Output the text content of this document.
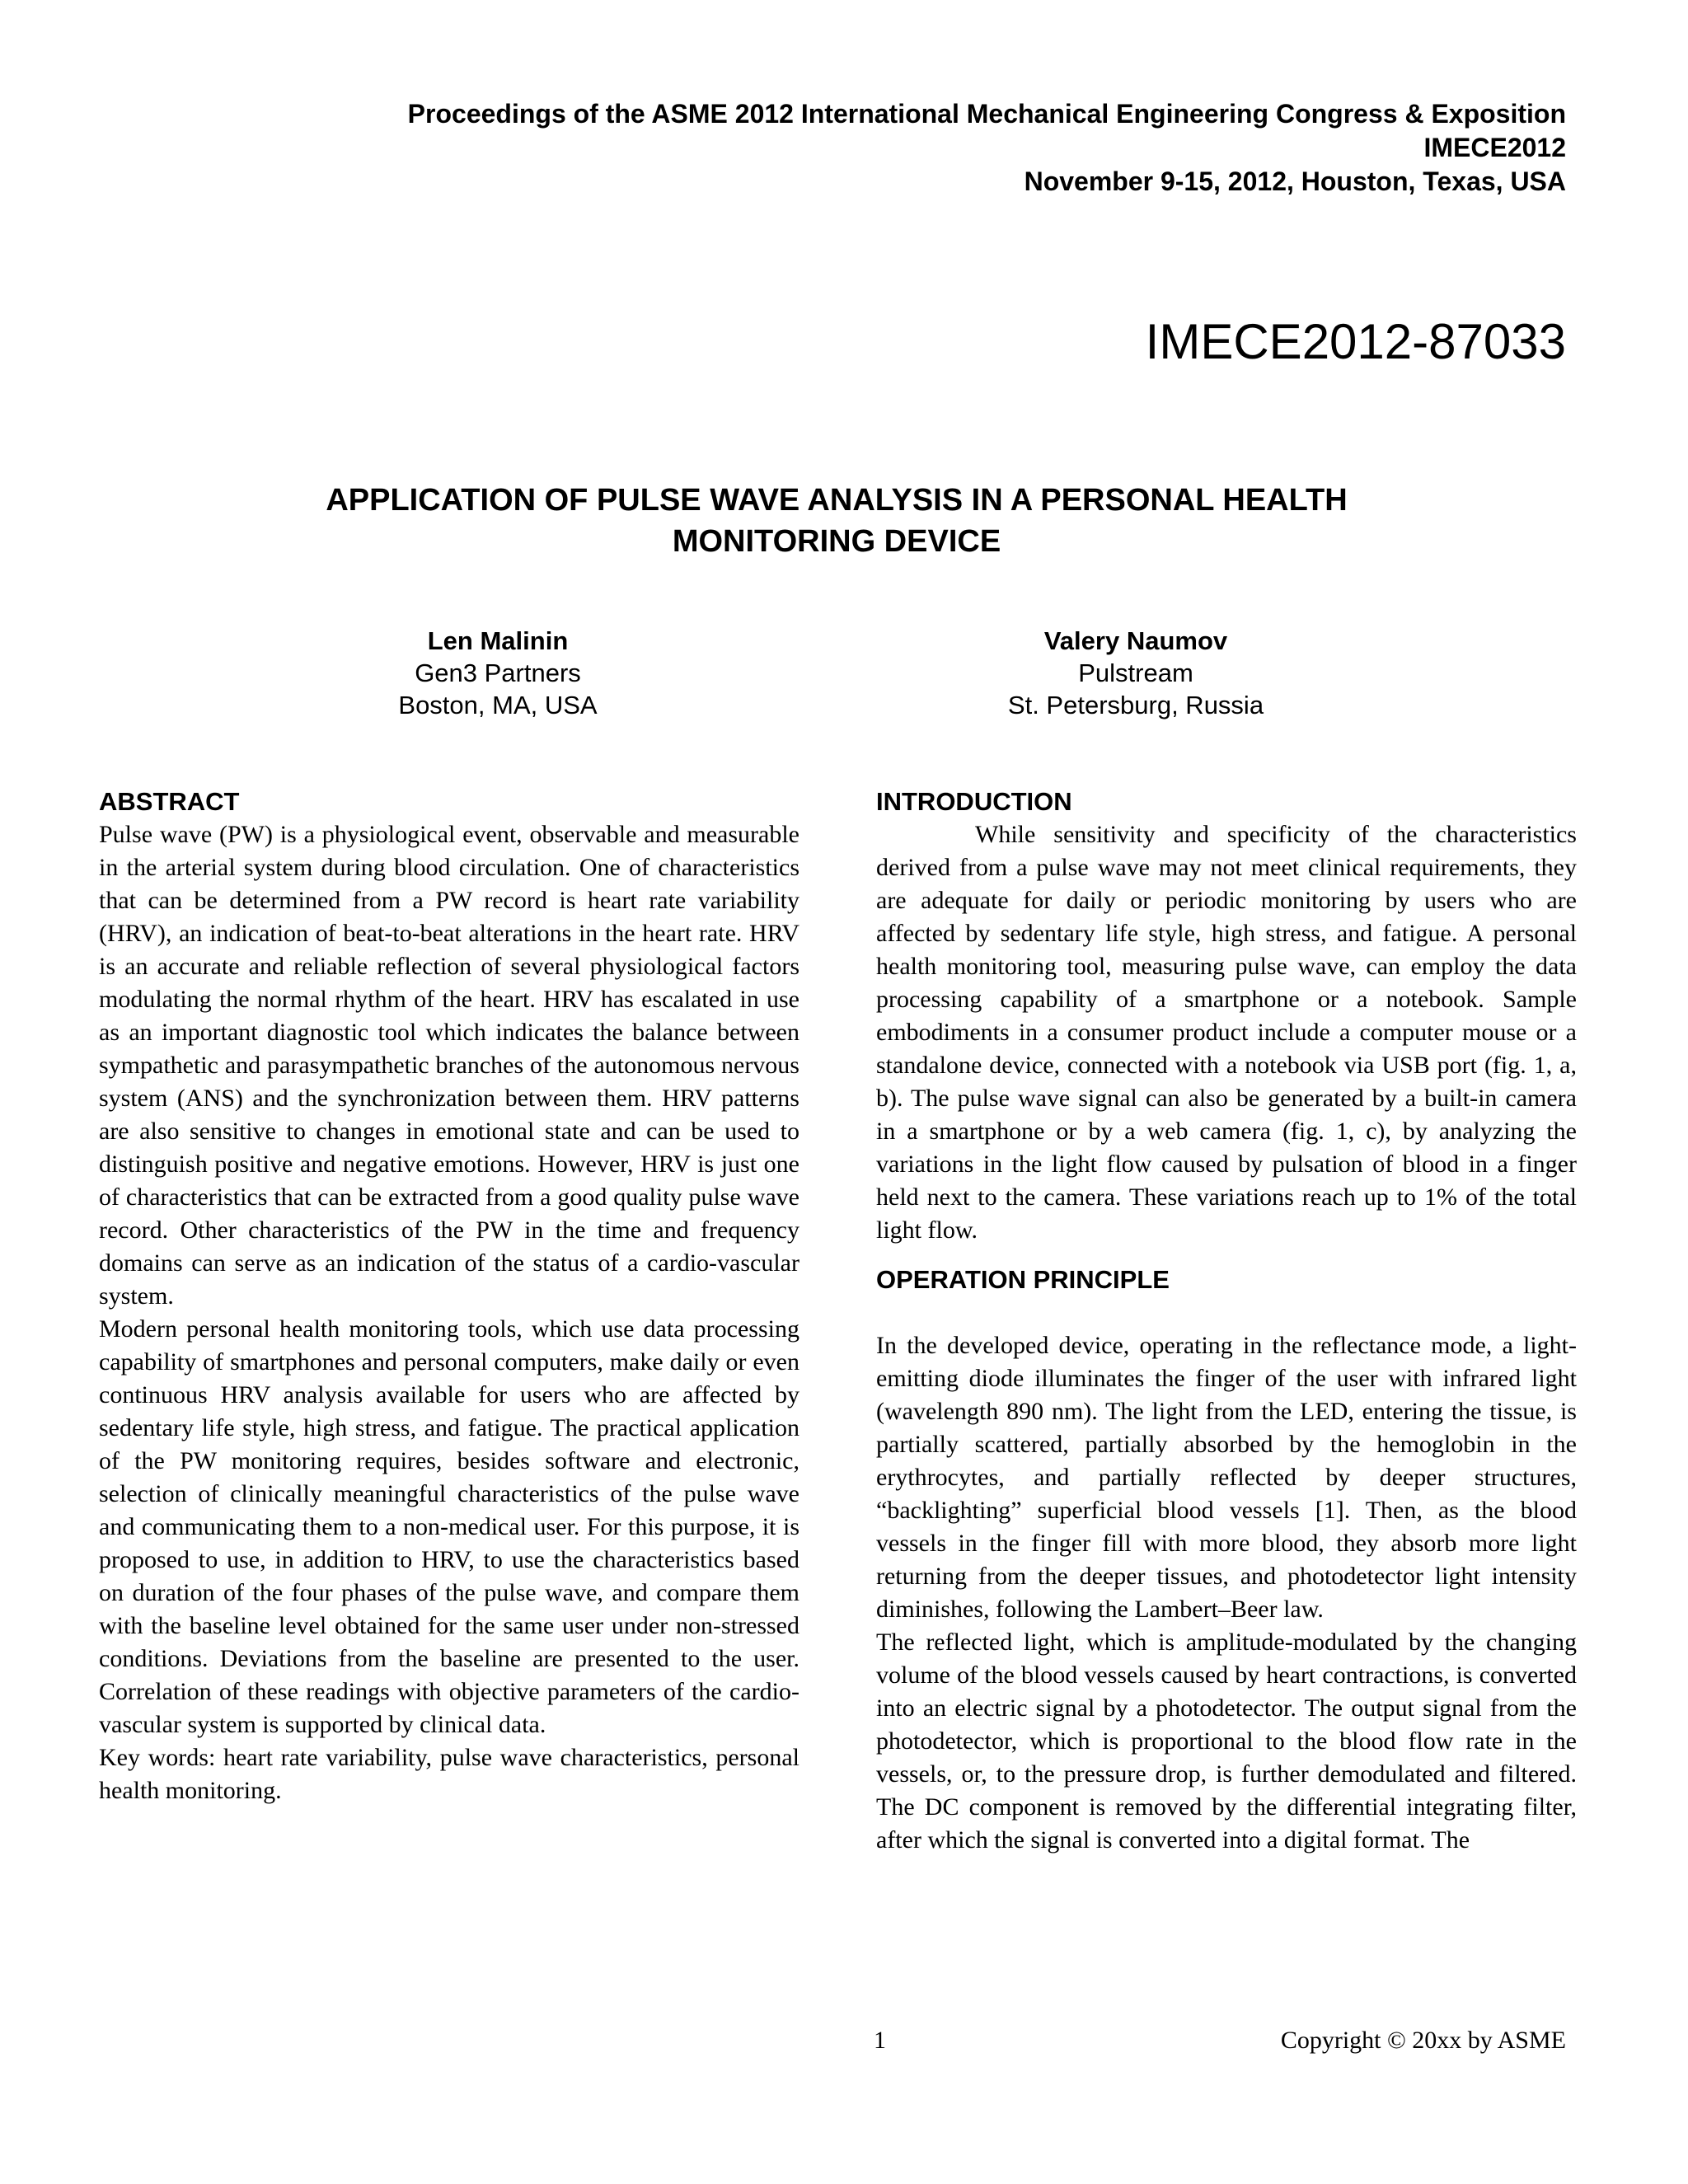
Proceedings of the ASME 2012 International Mechanical Engineering Congress & Exposition
IMECE2012
November 9-15, 2012, Houston, Texas, USA
IMECE2012-87033
APPLICATION OF PULSE WAVE ANALYSIS IN A PERSONAL HEALTH
MONITORING DEVICE
Len Malinin
Gen3 Partners
Boston, MA, USA
Valery Naumov
Pulstream
St. Petersburg, Russia
ABSTRACT

Pulse wave (PW) is a physiological event, observable and measurable in the arterial system during blood circulation. One of characteristics that can be determined from a PW record is heart rate variability (HRV), an indication of beat-to-beat alterations in the heart rate. HRV is an accurate and reliable reflection of several physiological factors modulating the normal rhythm of the heart. HRV has escalated in use as an important diagnostic tool which indicates the balance between sympathetic and parasympathetic branches of the autonomous nervous system (ANS) and the synchronization between them. HRV patterns are also sensitive to changes in emotional state and can be used to distinguish positive and negative emotions. However, HRV is just one of characteristics that can be extracted from a good quality pulse wave record. Other characteristics of the PW in the time and frequency domains can serve as an indication of the status of a cardio-vascular system.

Modern personal health monitoring tools, which use data processing capability of smartphones and personal computers, make daily or even continuous HRV analysis available for users who are affected by sedentary life style, high stress, and fatigue. The practical application of the PW monitoring requires, besides software and electronic, selection of clinically meaningful characteristics of the pulse wave and communicating them to a non-medical user. For this purpose, it is proposed to use, in addition to HRV, to use the characteristics based on duration of the four phases of the pulse wave, and compare them with the baseline level obtained for the same user under non-stressed conditions. Deviations from the baseline are presented to the user. Correlation of these readings with objective parameters of the cardio-vascular system is supported by clinical data.

Key words: heart rate variability, pulse wave characteristics, personal health monitoring.

INTRODUCTION

While sensitivity and specificity of the characteristics derived from a pulse wave may not meet clinical requirements, they are adequate for daily or periodic monitoring by users who are affected by sedentary life style, high stress, and fatigue. A personal health monitoring tool, measuring pulse wave, can employ the data processing capability of a smartphone or a notebook. Sample embodiments in a consumer product include a computer mouse or a standalone device, connected with a notebook via USB port (fig. 1, a, b). The pulse wave signal can also be generated by a built-in camera in a smartphone or by a web camera (fig. 1, c), by analyzing the variations in the light flow caused by pulsation of blood in a finger held next to the camera. These variations reach up to 1% of the total light flow.

OPERATION PRINCIPLE

In the developed device, operating in the reflectance mode, a light-emitting diode illuminates the finger of the user with infrared light (wavelength 890 nm). The light from the LED, entering the tissue, is partially scattered, partially absorbed by the hemoglobin in the erythrocytes, and partially reflected by deeper structures, “backlighting” superficial blood vessels [1]. Then, as the blood vessels in the finger fill with more blood, they absorb more light returning from the deeper tissues, and photodetector light intensity diminishes, following the Lambert–Beer law.

The reflected light, which is amplitude-modulated by the changing volume of the blood vessels caused by heart contractions, is converted into an electric signal by a photodetector. The output signal from the photodetector, which is proportional to the blood flow rate in the vessels, or, to the pressure drop, is further demodulated and filtered. The DC component is removed by the differential integrating filter, after which the signal is converted into a digital format. The

1	Copyright © 20xx by ASME
